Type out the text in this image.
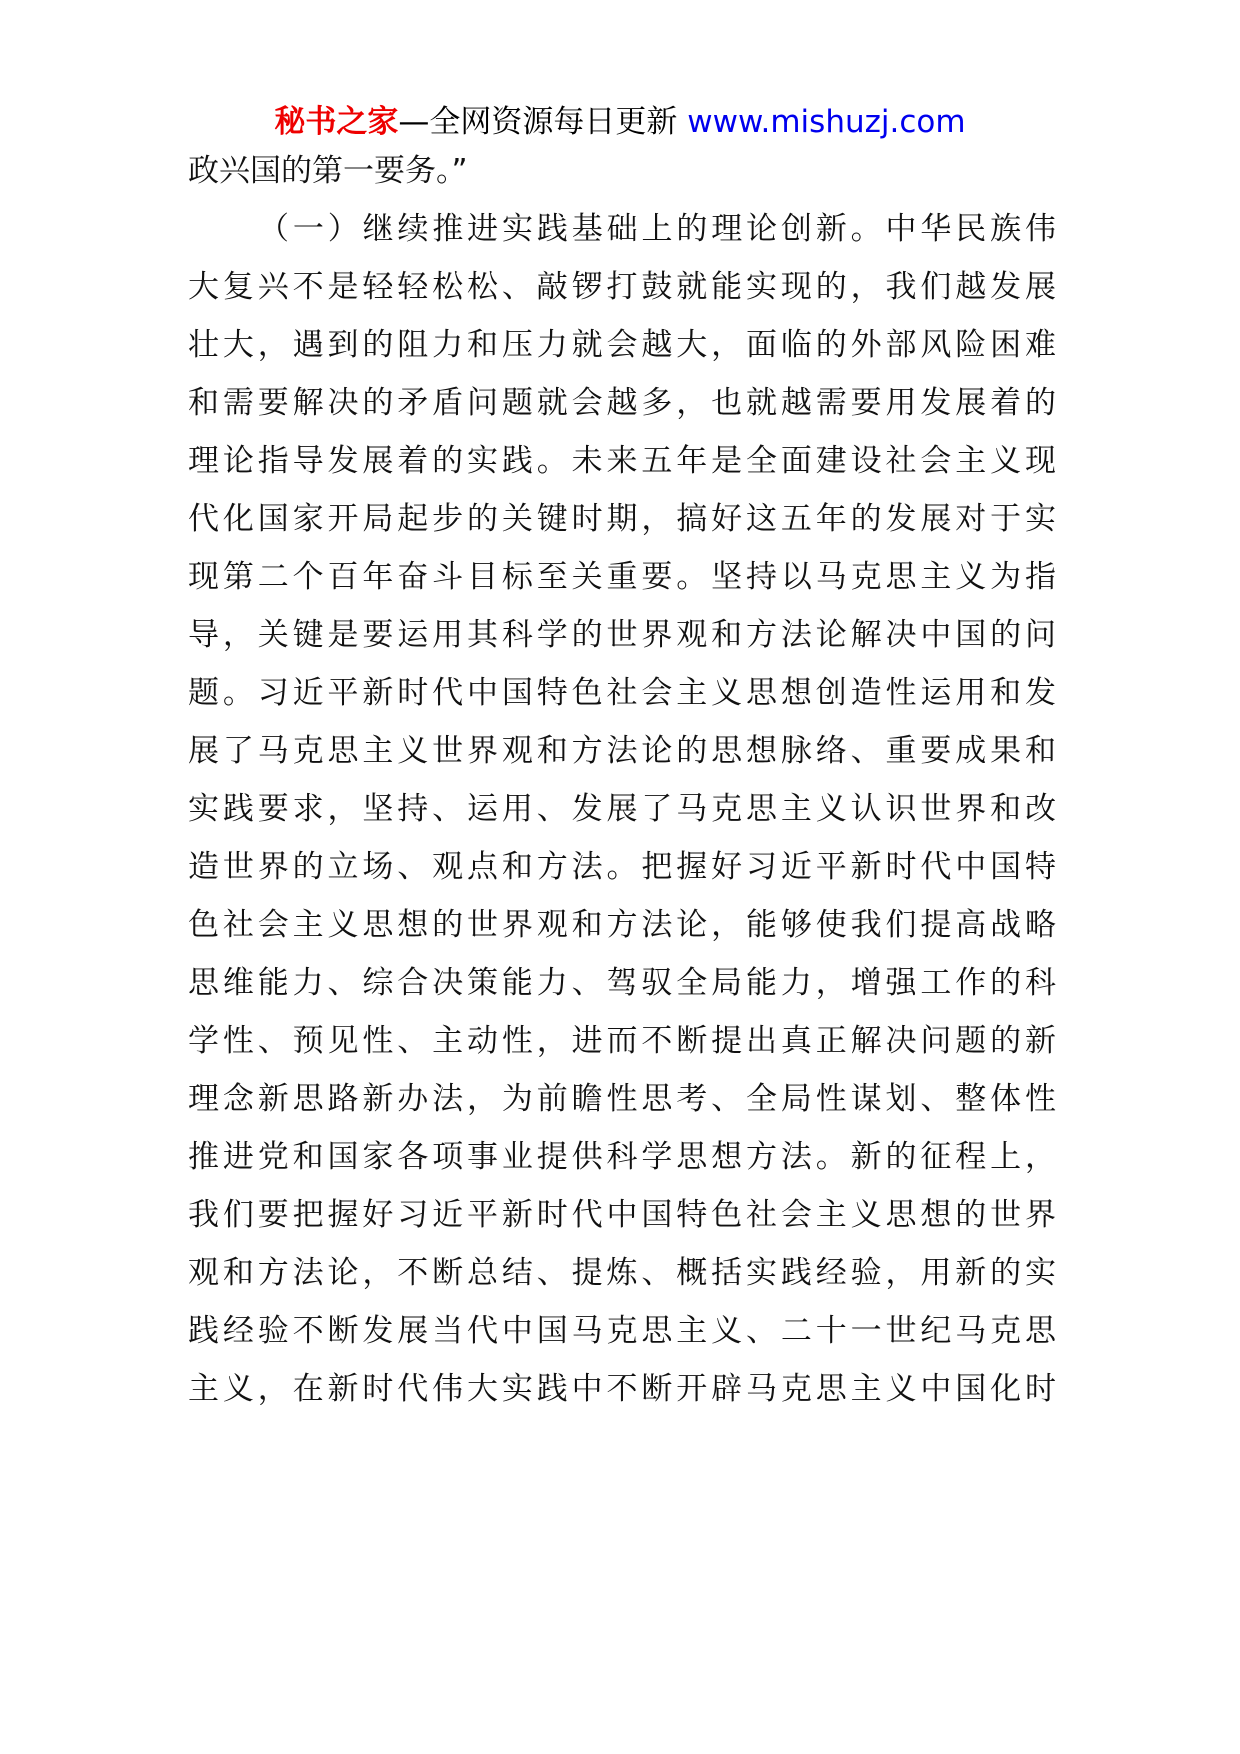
秘书之家—全网资源每日更新 www.mishuzj.com
政兴国的第一要务。”
（一）继续推进实践基础上的理论创新。中华民族伟
大复兴不是轻轻松松、敲锣打鼓就能实现的，我们越发展
壮大，遇到的阻力和压力就会越大，面临的外部风险困难
和需要解决的矛盾问题就会越多，也就越需要用发展着的
理论指导发展着的实践。未来五年是全面建设社会主义现
代化国家开局起步的关键时期，搞好这五年的发展对于实
现第二个百年奋斗目标至关重要。坚持以马克思主义为指
导，关键是要运用其科学的世界观和方法论解决中国的问
题。习近平新时代中国特色社会主义思想创造性运用和发
展了马克思主义世界观和方法论的思想脉络、重要成果和
实践要求，坚持、运用、发展了马克思主义认识世界和改
造世界的立场、观点和方法。把握好习近平新时代中国特
色社会主义思想的世界观和方法论，能够使我们提高战略
思维能力、综合决策能力、驾驭全局能力，增强工作的科
学性、预见性、主动性，进而不断提出真正解决问题的新
理念新思路新办法，为前瞻性思考、全局性谋划、整体性
推进党和国家各项事业提供科学思想方法。新的征程上，
我们要把握好习近平新时代中国特色社会主义思想的世界
观和方法论，不断总结、提炼、概括实践经验，用新的实
践经验不断发展当代中国马克思主义、二十一世纪马克思
主义，在新时代伟大实践中不断开辟马克思主义中国化时
